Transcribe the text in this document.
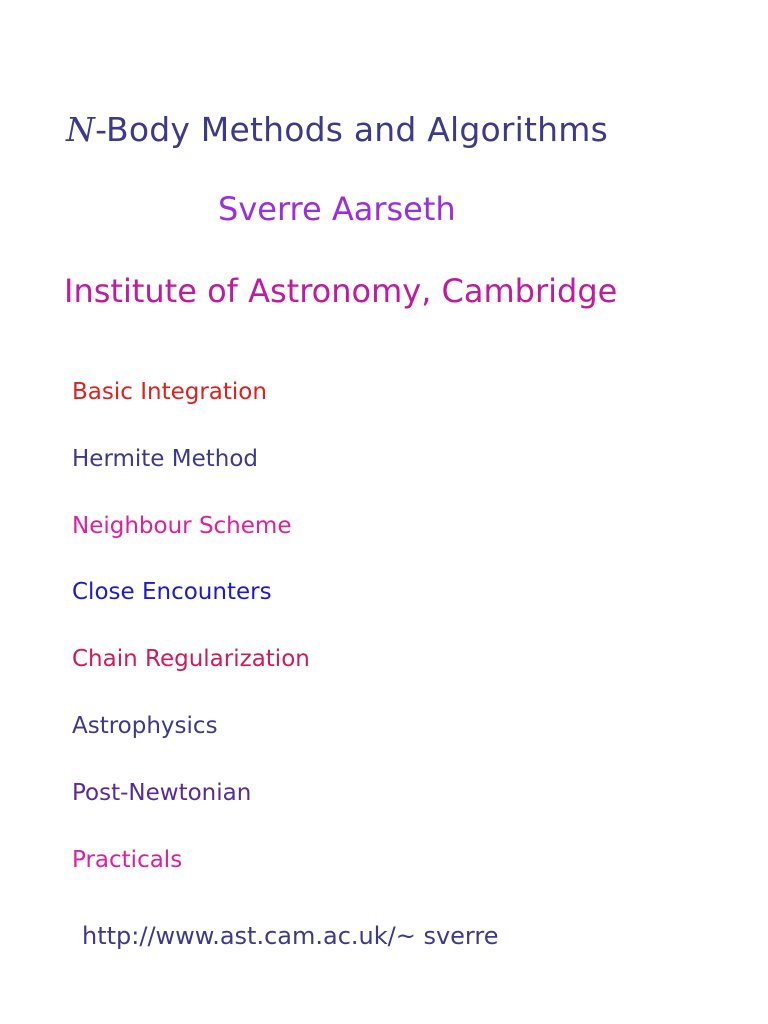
N-Body Methods and Algorithms
Sverre Aarseth
Institute of Astronomy, Cambridge
Basic Integration
Hermite Method
Neighbour Scheme
Close Encounters
Chain Regularization
Astrophysics
Post-Newtonian
Practicals
http://www.ast.cam.ac.uk/~ sverre
